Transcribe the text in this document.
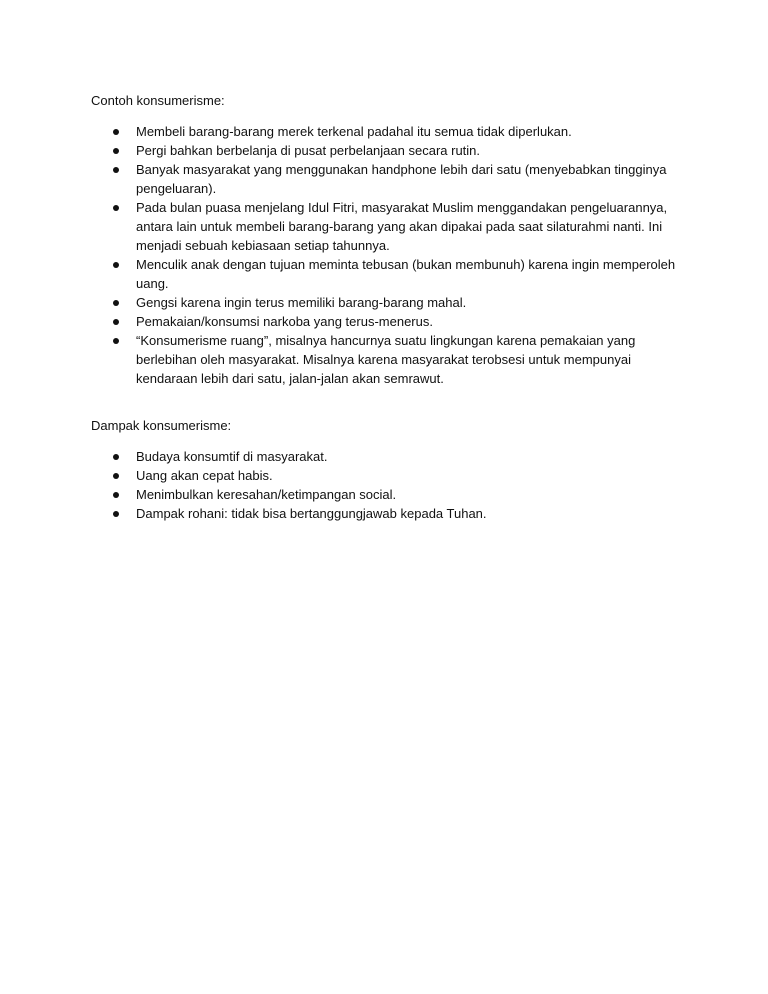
Contoh konsumerisme:

Membeli barang-barang merek terkenal padahal itu semua tidak diperlukan.
Pergi bahkan berbelanja di pusat perbelanjaan secara rutin.
Banyak masyarakat yang menggunakan handphone lebih dari satu (menyebabkan tingginya pengeluaran).
Pada bulan puasa menjelang Idul Fitri, masyarakat Muslim menggandakan pengeluarannya, antara lain untuk membeli barang-barang yang akan dipakai pada saat silaturahmi nanti. Ini menjadi sebuah kebiasaan setiap tahunnya.
Menculik anak dengan tujuan meminta tebusan (bukan membunuh) karena ingin memperoleh uang.
Gengsi karena ingin terus memiliki barang-barang mahal.
Pemakaian/konsumsi narkoba yang terus-menerus.
“Konsumerisme ruang”, misalnya hancurnya suatu lingkungan karena pemakaian yang berlebihan oleh masyarakat. Misalnya karena masyarakat terobsesi untuk mempunyai kendaraan lebih dari satu, jalan-jalan akan semrawut.

Dampak konsumerisme:

Budaya konsumtif di masyarakat.
Uang akan cepat habis.
Menimbulkan keresahan/ketimpangan social.
Dampak rohani: tidak bisa bertanggungjawab kepada Tuhan.
